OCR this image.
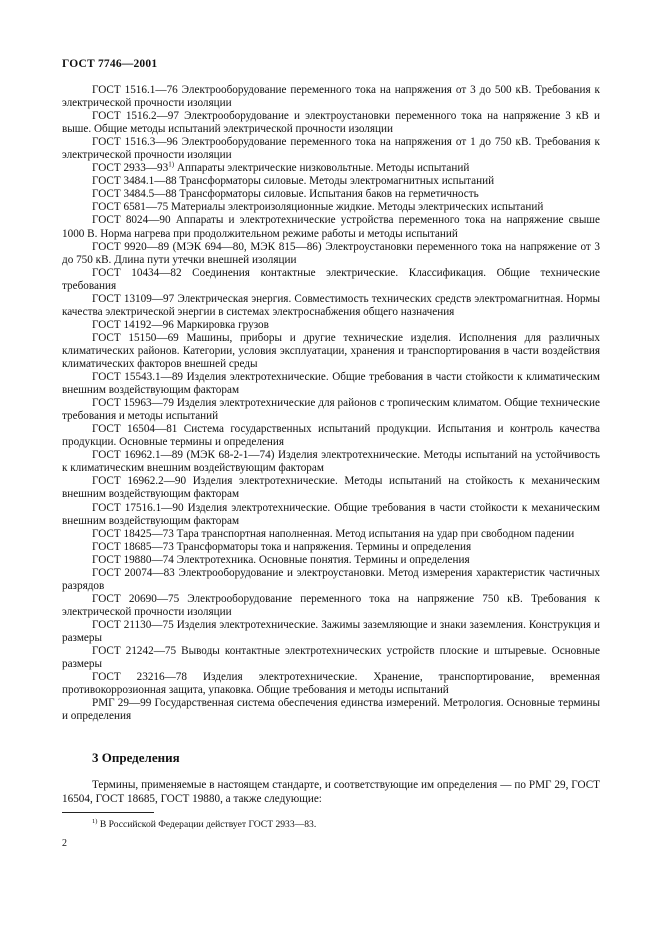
ГОСТ 7746—2001

ГОСТ 1516.1—76 Электрооборудование переменного тока на напряжения от 3 до 500 кВ. Требования к электрической прочности изоляции

ГОСТ 1516.2—97 Электрооборудование и электроустановки переменного тока на напряжение 3 кВ и выше. Общие методы испытаний электрической прочности изоляции

ГОСТ 1516.3—96 Электрооборудование переменного тока на напряжения от 1 до 750 кВ. Требования к электрической прочности изоляции

ГОСТ 2933—93$^{1)}$ Аппараты электрические низковольтные. Методы испытаний

ГОСТ 3484.1—88 Трансформаторы силовые. Методы электромагнитных испытаний

ГОСТ 3484.5—88 Трансформаторы силовые. Испытания баков на герметичность

ГОСТ 6581—75 Материалы электроизоляционные жидкие. Методы электрических испытаний

ГОСТ 8024—90 Аппараты и электротехнические устройства переменного тока на напряжение свыше 1000 В. Норма нагрева при продолжительном режиме работы и методы испытаний

ГОСТ 9920—89 (МЭК 694—80, МЭК 815—86) Электроустановки переменного тока на напряжение от 3 до 750 кВ. Длина пути утечки внешней изоляции

ГОСТ 10434—82 Соединения контактные электрические. Классификация. Общие технические требования

ГОСТ 13109—97 Электрическая энергия. Совместимость технических средств электромагнитная. Нормы качества электрической энергии в системах электроснабжения общего назначения

ГОСТ 14192—96 Маркировка грузов

ГОСТ 15150—69 Машины, приборы и другие технические изделия. Исполнения для различных климатических районов. Категории, условия эксплуатации, хранения и транспортирования в части воздействия климатических факторов внешней среды

ГОСТ 15543.1—89 Изделия электротехнические. Общие требования в части стойкости к климатическим внешним воздействующим факторам

ГОСТ 15963—79 Изделия электротехнические для районов с тропическим климатом. Общие технические требования и методы испытаний

ГОСТ 16504—81 Система государственных испытаний продукции. Испытания и контроль качества продукции. Основные термины и определения

ГОСТ 16962.1—89 (МЭК 68-2-1—74) Изделия электротехнические. Методы испытаний на устойчивость к климатическим внешним воздействующим факторам

ГОСТ 16962.2—90 Изделия электротехнические. Методы испытаний на стойкость к механическим внешним воздействующим факторам

ГОСТ 17516.1—90 Изделия электротехнические. Общие требования в части стойкости к механическим внешним воздействующим факторам

ГОСТ 18425—73 Тара транспортная наполненная. Метод испытания на удар при свободном падении

ГОСТ 18685—73 Трансформаторы тока и напряжения. Термины и определения

ГОСТ 19880—74 Электротехника. Основные понятия. Термины и определения

ГОСТ 20074—83 Электрооборудование и электроустановки. Метод измерения характеристик частичных разрядов

ГОСТ 20690—75 Электрооборудование переменного тока на напряжение 750 кВ. Требования к электрической прочности изоляции

ГОСТ 21130—75 Изделия электротехнические. Зажимы заземляющие и знаки заземления. Конструкция и размеры

ГОСТ 21242—75 Выводы контактные электротехнических устройств плоские и штыревые. Основные размеры

ГОСТ 23216—78 Изделия электротехнические. Хранение, транспортирование, временная противокоррозионная защита, упаковка. Общие требования и методы испытаний

РМГ 29—99 Государственная система обеспечения единства измерений. Метрология. Основные термины и определения

3 Определения

Термины, применяемые в настоящем стандарте, и соответствующие им определения — по РМГ 29, ГОСТ 16504, ГОСТ 18685, ГОСТ 19880, а также следующие:

$^{1)}$ В Российской Федерации действует ГОСТ 2933—83.
2
